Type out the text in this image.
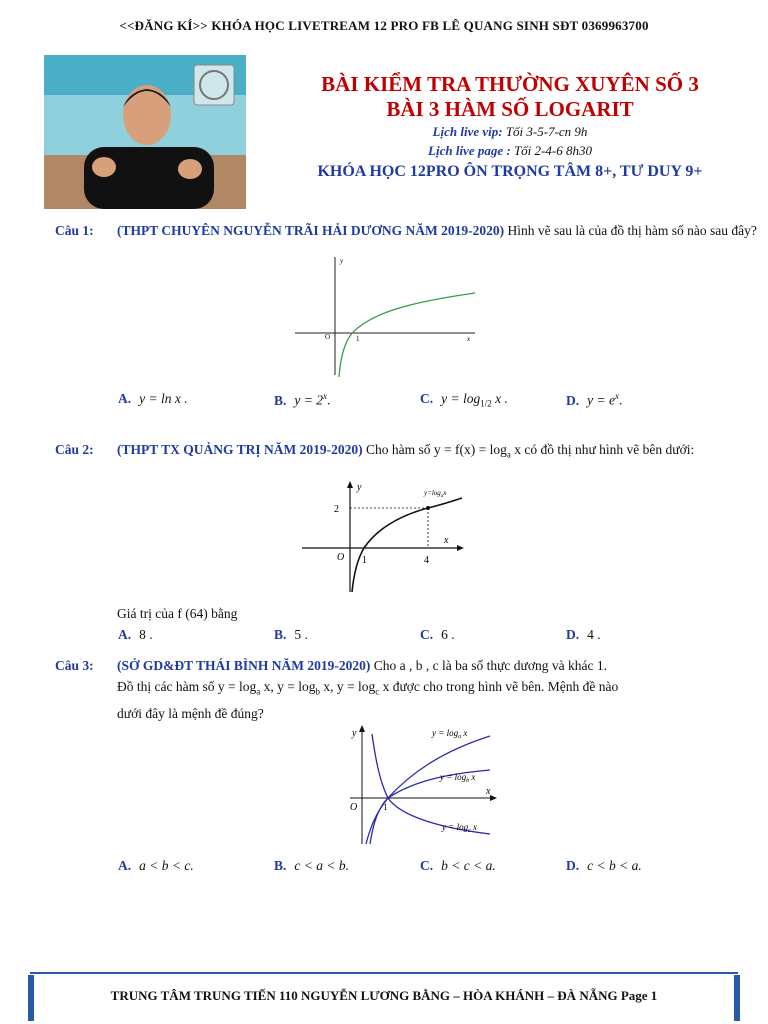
<<ĐĂNG KÍ>> KHÓA HỌC LIVETREAM 12 PRO FB LÊ QUANG SINH SĐT 0369963700
BÀI KIỂM TRA THƯỜNG XUYÊN SỐ 3
BÀI 3 HÀM SỐ LOGARIT
Lịch live vip: Tối 3-5-7-cn 9h
Lịch live page : Tối 2-4-6 8h30
KHÓA HỌC 12PRO ÔN TRỌNG TÂM 8+, TƯ DUY 9+
Câu 1: (THPT CHUYÊN NGUYỄN TRÃI HẢI DƯƠNG NĂM 2019-2020) Hình vẽ sau là của đồ thị hàm số nào sau đây?
y
x
O	1
A. y = ln x .	B. $y = 2^x$.	C. $y = \log_{1/2} x$ .	D. $y = e^x$.
Câu 2: (THPT TX QUẢNG TRỊ NĂM 2019-2020) Cho hàm số $y = f(x) = \log_a x$ có đồ thị như hình vẽ bên dưới:
y
x
O 1	4
2
$y=\log_ax$
Giá trị của f (64) bằng
A. 8 .	B. 5 .	C. 6 .	D. 4 .
Câu 3: (SỞ GD&ĐT THÁI BÌNH NĂM 2019-2020) Cho a , b , c là ba số thực dương và khác 1.
Đồ thị các hàm số $y = \log_a x$, $y = \log_b x$, $y = \log_c x$ được cho trong hình vẽ bên. Mệnh đề nào
dưới đây là mệnh đề đúng?
y
x
O	1
$y = \log_a x$
$y = \log_b x$
$y = \log_c x$
A. a < b < c.	B. c < a < b.	C. b < c < a.	D. c < b < a.
TRUNG TÂM TRUNG TIẾN 110 NGUYỄN LƯƠNG BẰNG – HÒA KHÁNH – ĐÀ NẴNG Page 1
